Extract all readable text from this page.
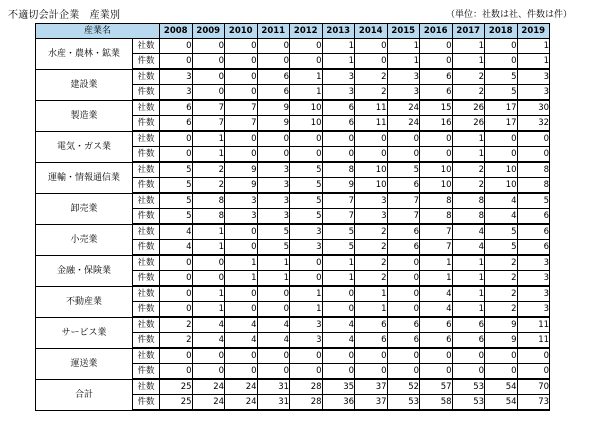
不適切会計企業　産業別	（単位：社数は社、件数は件）
産業名		2008	2009	2010	2011	2012	2013	2014	2015	2016	2017	2018	2019
水産・農林・鉱業	社数	0	0	0	0	0	1	0	1	0	1	0	1
	件数	0	0	0	0	0	1	0	1	0	1	0	1
建設業	社数	3	0	0	6	1	3	2	3	6	2	5	3
	件数	3	0	0	6	1	3	2	3	6	2	5	3
製造業	社数	6	7	7	9	10	6	11	24	15	26	17	30
	件数	6	7	7	9	10	6	11	24	16	26	17	32
電気・ガス業	社数	0	1	0	0	0	0	0	0	0	1	0	0
	件数	0	1	0	0	0	0	0	0	0	1	0	0
運輸・情報通信業	社数	5	2	9	3	5	8	10	5	10	2	10	8
	件数	5	2	9	3	5	9	10	6	10	2	10	8
卸売業	社数	5	8	3	3	5	7	3	7	8	8	4	5
	件数	5	8	3	3	5	7	3	7	8	8	4	6
小売業	社数	4	1	0	5	3	5	2	6	7	4	5	6
	件数	4	1	0	5	3	5	2	6	7	4	5	6
金融・保険業	社数	0	0	1	1	0	1	2	0	1	1	2	3
	件数	0	0	1	1	0	1	2	0	1	1	2	3
不動産業	社数	0	1	0	0	1	0	1	0	4	1	2	3
	件数	0	1	0	0	1	0	1	0	4	1	2	3
サービス業	社数	2	4	4	4	3	4	6	6	6	6	9	11
	件数	2	4	4	4	3	4	6	6	6	6	9	11
運送業	社数	0	0	0	0	0	0	0	0	0	0	0	0
	件数	0	0	0	0	0	0	0	0	0	0	0	0
合計	社数	25	24	24	31	28	35	37	52	57	53	54	70
	件数	25	24	24	31	28	36	37	53	58	53	54	73
